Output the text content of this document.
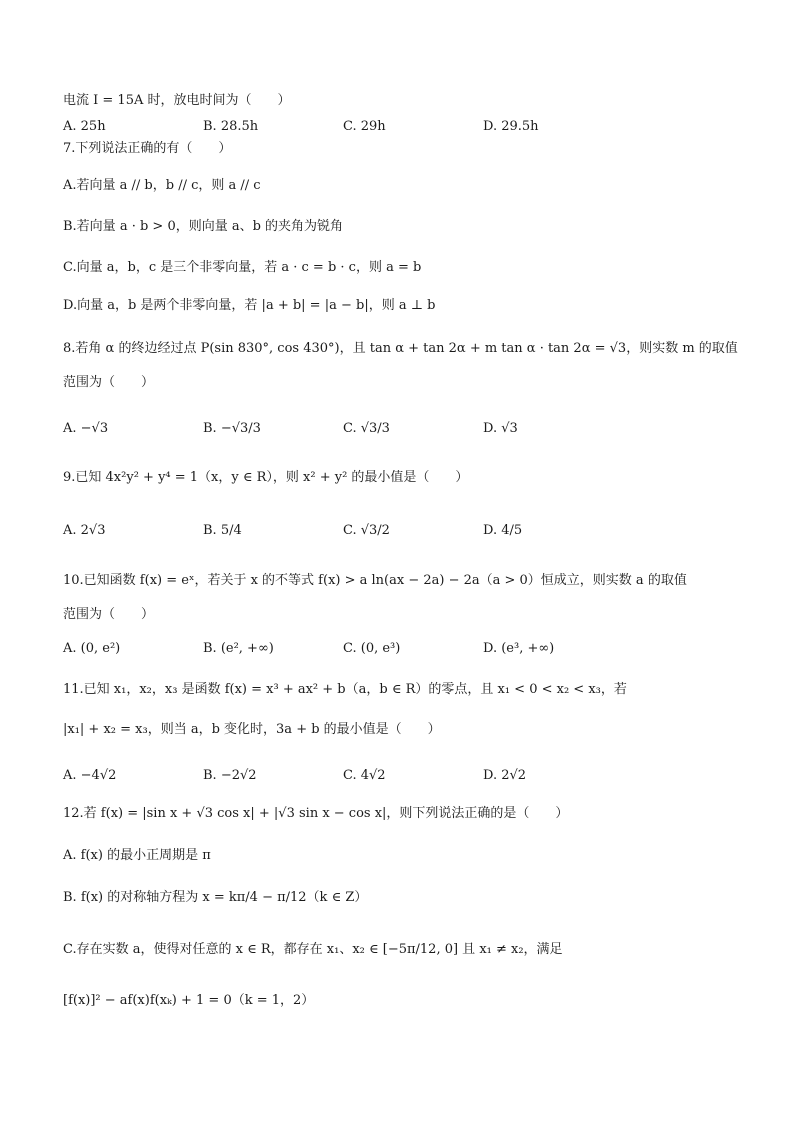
电流 I = 15A 时，放电时间为（　　）
A. 25h	B. 28.5h	C. 29h	D. 29.5h
7.下列说法正确的有（　　）
A.若向量 a // b，b // c，则 a // c
B.若向量 a · b > 0，则向量 a、b 的夹角为锐角
C.向量 a，b，c 是三个非零向量，若 a · c = b · c，则 a = b
D.向量 a，b 是两个非零向量，若 |a + b| = |a − b|，则 a ⊥ b
8.若角 α 的终边经过点 P(sin 830°, cos 430°)，且 tan α + tan 2α + m tan α · tan 2α = √3，则实数 m 的取值
范围为（　　）
A. −√3	B. −√3/3	C. √3/3	D. √3
9.已知 4x²y² + y⁴ = 1（x，y ∈ R），则 x² + y² 的最小值是（　　）
A. 2√3	B. 5/4	C. √3/2	D. 4/5
10.已知函数 f(x) = eˣ，若关于 x 的不等式 f(x) > a ln(ax − 2a) − 2a（a > 0）恒成立，则实数 a 的取值
范围为（　　）
A. (0, e²)	B. (e², +∞)	C. (0, e³)	D. (e³, +∞)
11.已知 x₁，x₂，x₃ 是函数 f(x) = x³ + ax² + b（a，b ∈ R）的零点，且 x₁ < 0 < x₂ < x₃，若
|x₁| + x₂ = x₃，则当 a，b 变化时，3a + b 的最小值是（　　）
A. −4√2	B. −2√2	C. 4√2	D. 2√2
12.若 f(x) = |sin x + √3 cos x| + |√3 sin x − cos x|，则下列说法正确的是（　　）
A. f(x) 的最小正周期是 π
B. f(x) 的对称轴方程为 x = kπ/4 − π/12（k ∈ Z）
C.存在实数 a，使得对任意的 x ∈ R，都存在 x₁、x₂ ∈ [−5π/12, 0] 且 x₁ ≠ x₂，满足
[f(x)]² − af(x)f(xₖ) + 1 = 0（k = 1，2）
